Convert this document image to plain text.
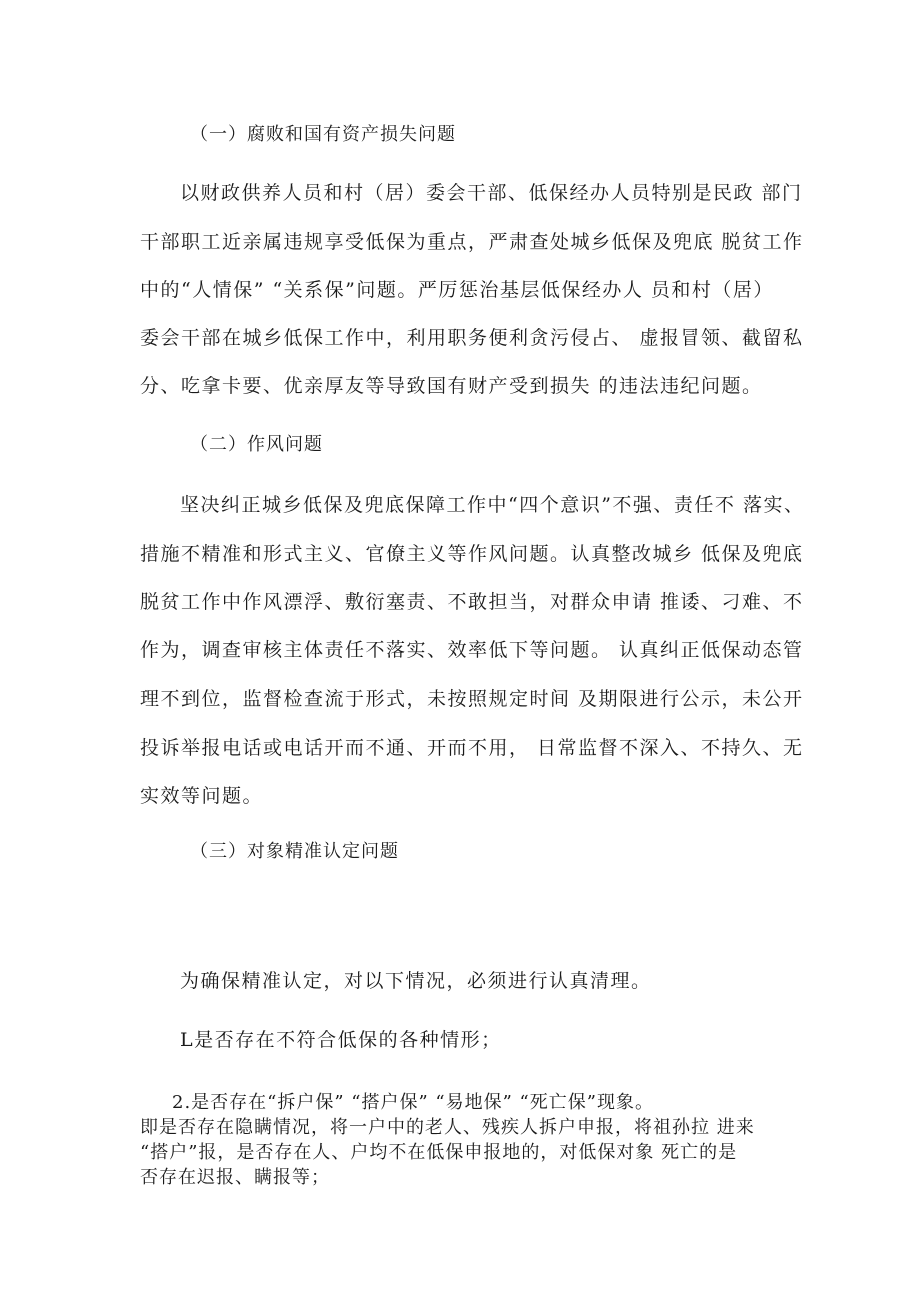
（一）腐败和国有资产损失问题
以财政供养人员和村（居）委会干部、低保经办人员特别是民政 部门
干部职工近亲属违规享受低保为重点，严肃查处城乡低保及兜底 脱贫工作
中的“人情保” “关系保”问题。严厉惩治基层低保经办人 员和村（居）
委会干部在城乡低保工作中，利用职务便利贪污侵占、 虚报冒领、截留私
分、吃拿卡要、优亲厚友等导致国有财产受到损失 的违法违纪问题。
（二）作风问题
坚决纠正城乡低保及兜底保障工作中“四个意识”不强、责任不 落实、
措施不精准和形式主义、官僚主义等作风问题。认真整改城乡 低保及兜底
脱贫工作中作风漂浮、敷衍塞责、不敢担当，对群众申请 推诿、刁难、不
作为，调查审核主体责任不落实、效率低下等问题。 认真纠正低保动态管
理不到位，监督检查流于形式，未按照规定时间 及期限进行公示，未公开
投诉举报电话或电话开而不通、开而不用， 日常监督不深入、不持久、无
实效等问题。
（三）对象精准认定问题
为确保精准认定，对以下情况，必须进行认真清理。
L是否存在不符合低保的各种情形；
2.是否存在“拆户保” “搭户保” “易地保” “死亡保”现象。
即是否存在隐瞒情况，将一户中的老人、残疾人拆户申报，将祖孙拉 进来
“搭户”报，是否存在人、户均不在低保申报地的，对低保对象 死亡的是
否存在迟报、瞒报等；
